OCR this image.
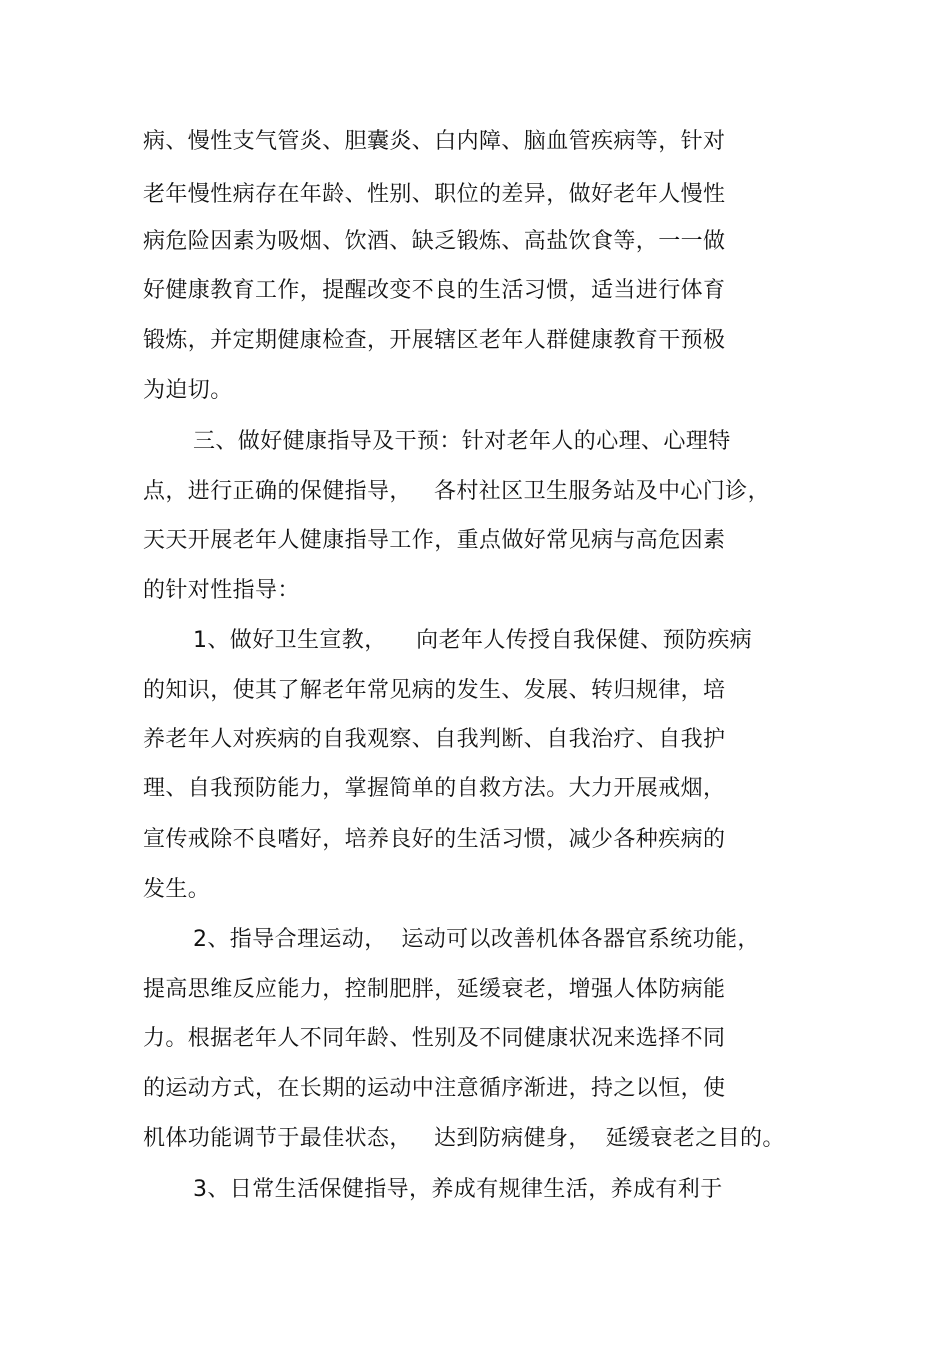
病、慢性支气管炎、胆囊炎、白内障、脑血管疾病等，针对
老年慢性病存在年龄、性别、职位的差异，做好老年人慢性
病危险因素为吸烟、饮酒、缺乏锻炼、高盐饮食等，一一做
好健康教育工作，提醒改变不良的生活习惯，适当进行体育
锻炼，并定期健康检查，开展辖区老年人群健康教育干预极
为迫切。
三、做好健康指导及干预：针对老年人的心理、心理特
点，进行正确的保健指导，   各村社区卫生服务站及中心门诊，
天天开展老年人健康指导工作，重点做好常见病与高危因素
的针对性指导：
1、做好卫生宣教，    向老年人传授自我保健、预防疾病
的知识，使其了解老年常见病的发生、发展、转归规律，培
养老年人对疾病的自我观察、自我判断、自我治疗、自我护
理、自我预防能力，掌握简单的自救方法。大力开展戒烟，
宣传戒除不良嗜好，培养良好的生活习惯，减少各种疾病的
发生。
2、指导合理运动，  运动可以改善机体各器官系统功能，
提高思维反应能力，控制肥胖，延缓衰老，增强人体防病能
力。根据老年人不同年龄、性别及不同健康状况来选择不同
的运动方式，在长期的运动中注意循序渐进，持之以恒，使
机体功能调节于最佳状态，   达到防病健身，  延缓衰老之目的。
3、日常生活保健指导，养成有规律生活，养成有利于
